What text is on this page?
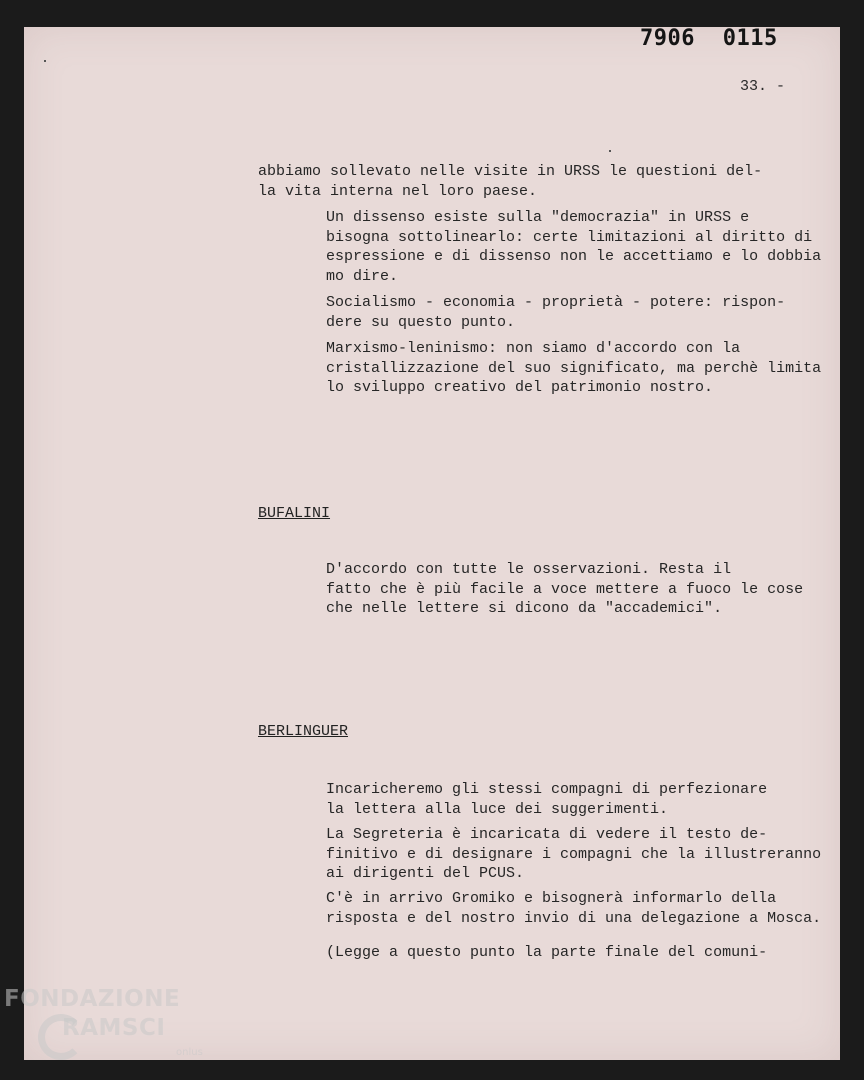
7906 0115
33. -
abbiamo sollevato nelle visite in URSS le questioni del-
la vita interna nel loro paese.
Un dissenso esiste sulla "democrazia" in URSS e
bisogna sottolinearlo: certe limitazioni al diritto di
espressione e di dissenso non le accettiamo e lo dobbia
mo dire.
Socialismo - economia - proprietà - potere: rispon-
dere su questo punto.
Marxismo-leninismo: non siamo d'accordo con la
cristallizzazione del suo significato, ma perchè limita
lo sviluppo creativo del patrimonio nostro.
BUFALINI
D'accordo con tutte le osservazioni. Resta il
fatto che è più facile a voce mettere a fuoco le cose
che nelle lettere si dicono da "accademici".
BERLINGUER
Incaricheremo gli stessi compagni di perfezionare
la lettera alla luce dei suggerimenti.
La Segreteria è incaricata di vedere il testo de-
finitivo e di designare i compagni che la illustreranno
ai dirigenti del PCUS.
C'è in arrivo Gromiko e bisognerà informarlo della
risposta e del nostro invio di una delegazione a Mosca.
(Legge a questo punto la parte finale del comuni-
FONDAZIONE
RAMSCI
onlus
